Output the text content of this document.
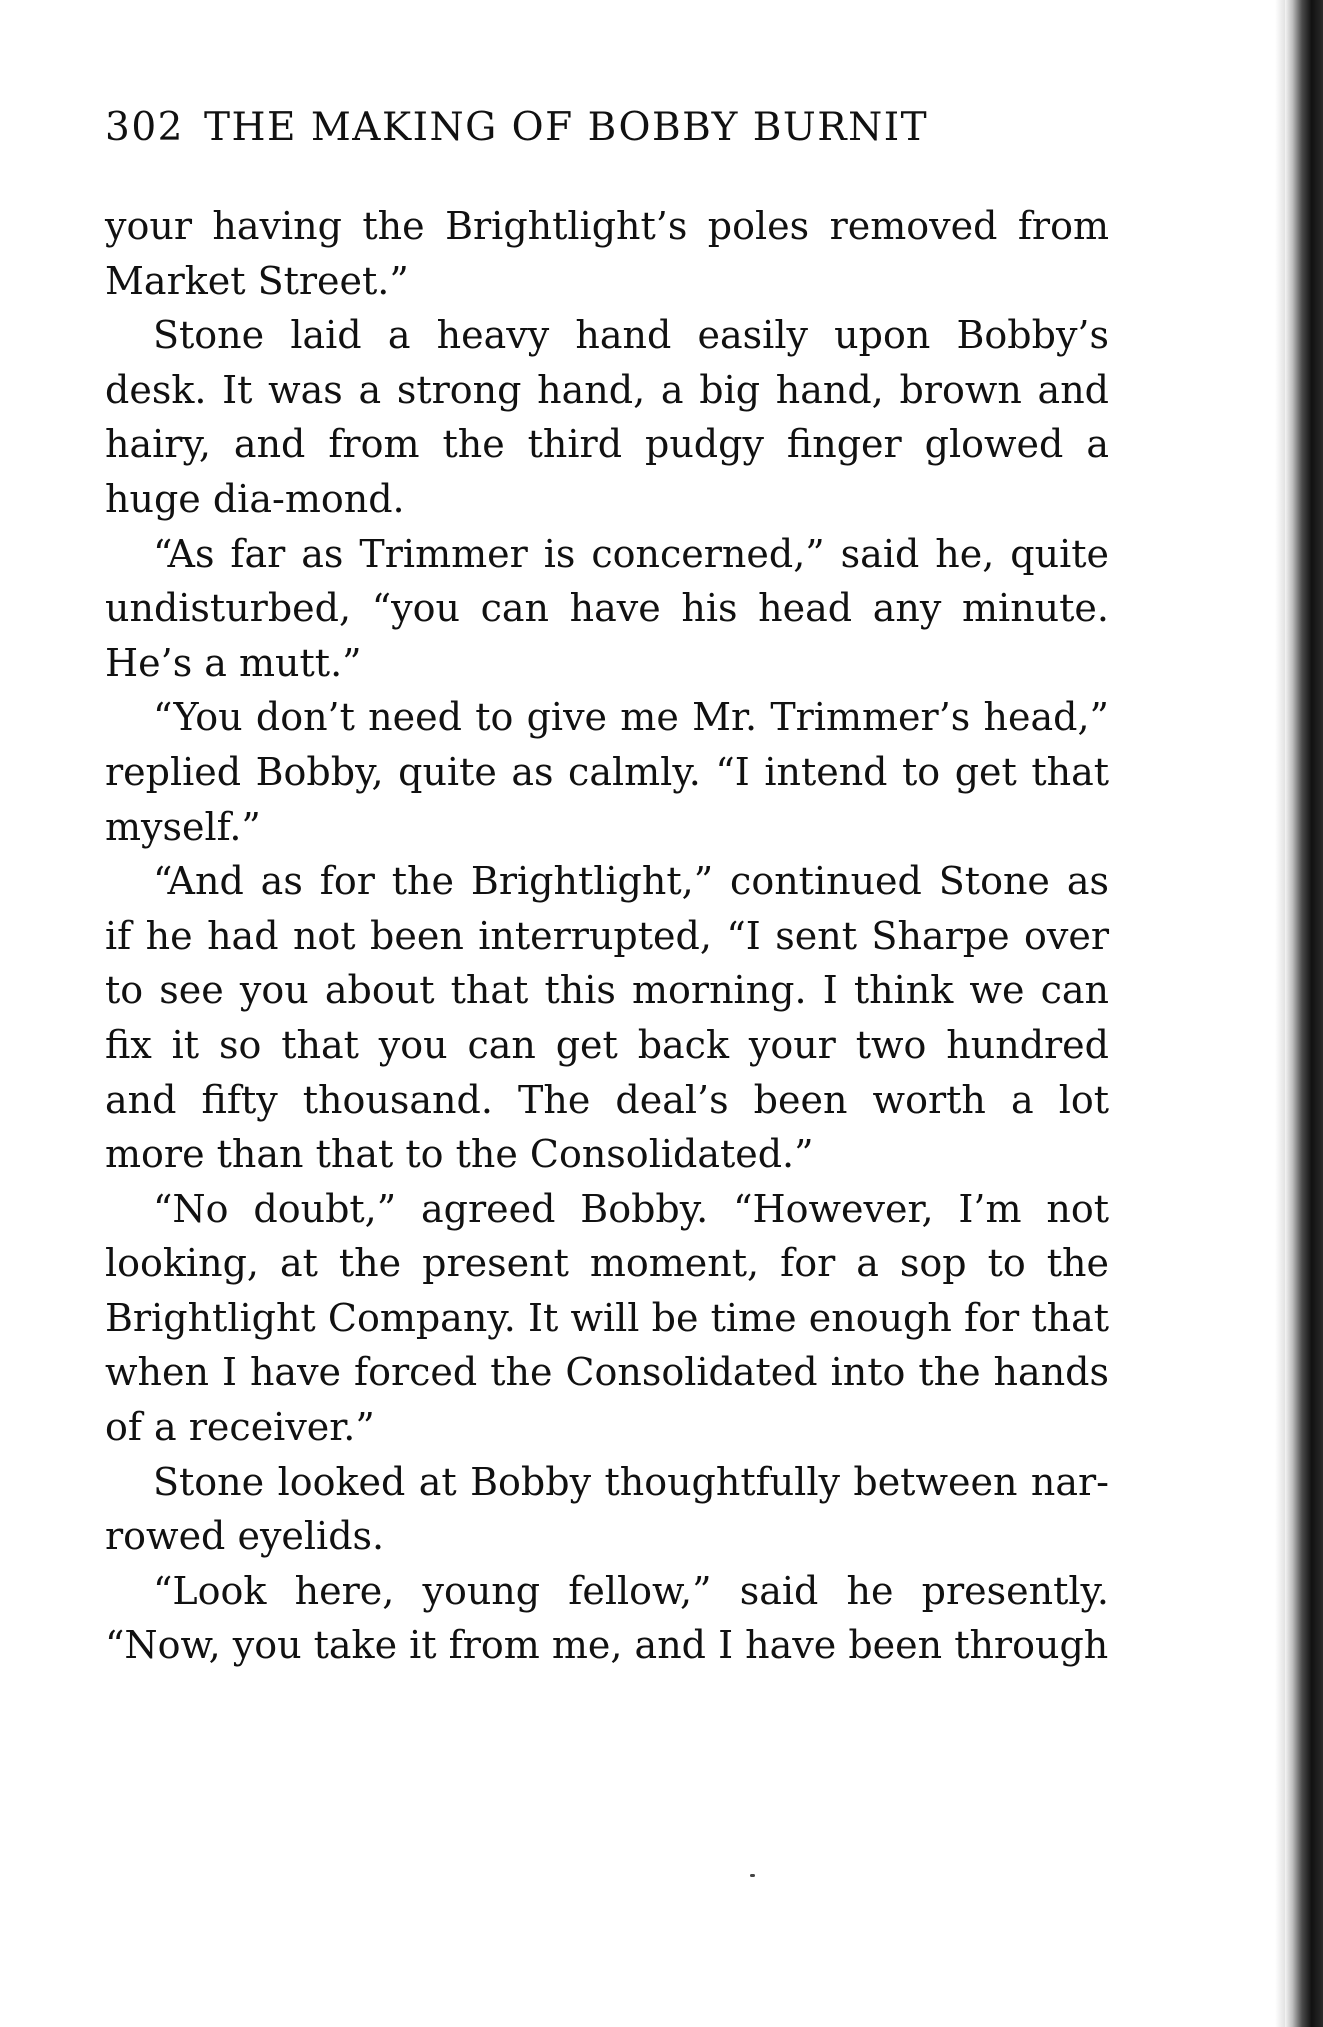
302 THE MAKING OF BOBBY BURNIT

your having the Brightlight’s poles removed from Market Street.”

Stone laid a heavy hand easily upon Bobby’s desk. It was a strong hand, a big hand, brown and hairy, and from the third pudgy finger glowed a huge dia-mond.

“As far as Trimmer is concerned,” said he, quite undisturbed, “you can have his head any minute. He’s a mutt.”

“You don’t need to give me Mr. Trimmer’s head,” replied Bobby, quite as calmly. “I intend to get that myself.”

“And as for the Brightlight,” continued Stone as if he had not been interrupted, “I sent Sharpe over to see you about that this morning. I think we can fix it so that you can get back your two hundred and fifty thousand. The deal’s been worth a lot more than that to the Consolidated.”

“No doubt,” agreed Bobby. “However, I’m not looking, at the present moment, for a sop to the Brightlight Company. It will be time enough for that when I have forced the Consolidated into the hands of a receiver.”

Stone looked at Bobby thoughtfully between nar-rowed eyelids.

“Look here, young fellow,” said he presently. “Now, you take it from me, and I have been through
